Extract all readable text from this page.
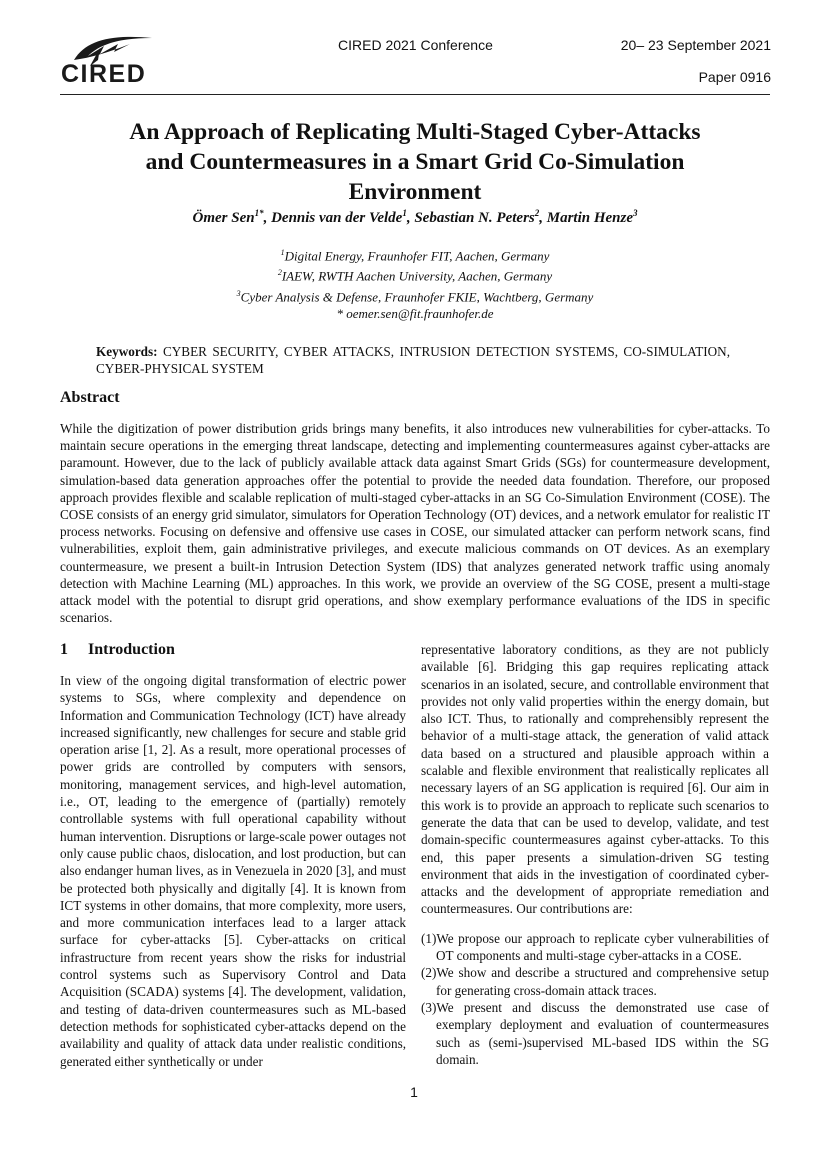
CIRED
CIRED 2021 Conference	20– 23 September 2021
Paper 0916
An Approach of Replicating Multi-Staged Cyber-Attacks
and Countermeasures in a Smart Grid Co-Simulation
Environment
Ömer Sen$^{1*}$, Dennis van der Velde$^1$, Sebastian N. Peters$^2$, Martin Henze$^3$
$^1$Digital Energy, Fraunhofer FIT, Aachen, Germany
$^2$IAEW, RWTH Aachen University, Aachen, Germany
$^3$Cyber Analysis & Defense, Fraunhofer FKIE, Wachtberg, Germany
* oemer.sen@fit.fraunhofer.de
Keywords: CYBER SECURITY, CYBER ATTACKS, INTRUSION DETECTION SYSTEMS, CO-SIMULATION, CYBER-PHYSICAL SYSTEM
Abstract
While the digitization of power distribution grids brings many benefits, it also introduces new vulnerabilities for cyber-attacks. To maintain secure operations in the emerging threat landscape, detecting and implementing countermeasures against cyber-attacks are paramount. However, due to the lack of publicly available attack data against Smart Grids (SGs) for countermeasure development, simulation-based data generation approaches offer the potential to provide the needed data foundation. Therefore, our proposed approach provides flexible and scalable replication of multi-staged cyber-attacks in an SG Co-Simulation Environment (COSE). The COSE consists of an energy grid simulator, simulators for Operation Technology (OT) devices, and a network emulator for realistic IT process networks. Focusing on defensive and offensive use cases in COSE, our simulated attacker can perform network scans, find vulnerabilities, exploit them, gain administrative privileges, and execute malicious commands on OT devices. As an exemplary countermeasure, we present a built-in Intrusion Detection System (IDS) that analyzes generated network traffic using anomaly detection with Machine Learning (ML) approaches. In this work, we provide an overview of the SG COSE, present a multi-stage attack model with the potential to disrupt grid operations, and show exemplary performance evaluations of the IDS in specific scenarios.
1 Introduction

In view of the ongoing digital transformation of electric power systems to SGs, where complexity and dependence on Information and Communication Technology (ICT) have already increased significantly, new challenges for secure and stable grid operation arise [1, 2]. As a result, more operational processes of power grids are controlled by computers with sensors, monitoring, management services, and high-level automation, i.e., OT, leading to the emergence of (partially) remotely controllable systems with full operational capability without human intervention. Disruptions or large-scale power outages not only cause public chaos, dislocation, and lost production, but can also endanger human lives, as in Venezuela in 2020 [3], and must be protected both physically and digitally [4]. It is known from ICT systems in other domains, that more complexity, more users, and more communication interfaces lead to a larger attack surface for cyber-attacks [5]. Cyber-attacks on critical infrastructure from recent years show the risks for industrial control systems such as Supervisory Control and Data Acquisition (SCADA) systems [4]. The development, validation, and testing of data-driven countermeasures such as ML-based detection methods for sophisticated cyber-attacks depend on the availability and quality of attack data under realistic conditions, generated either synthetically or under

representative laboratory conditions, as they are not publicly available [6]. Bridging this gap requires replicating attack scenarios in an isolated, secure, and controllable environment that provides not only valid properties within the energy domain, but also ICT. Thus, to rationally and comprehensibly represent the behavior of a multi-stage attack, the generation of valid attack data based on a structured and plausible approach within a scalable and flexible environment that realistically replicates all necessary layers of an SG application is required [6]. Our aim in this work is to provide an approach to replicate such scenarios to generate the data that can be used to develop, validate, and test domain-specific countermeasures against cyber-attacks. To this end, this paper presents a simulation-driven SG testing environment that aids in the investigation of coordinated cyber-attacks and the development of appropriate remediation and countermeasures. Our contributions are:

(1)We propose our approach to replicate cyber vulnerabilities of OT components and multi-stage cyber-attacks in a COSE.
(2)We show and describe a structured and comprehensive setup for generating cross-domain attack traces.
(3)We present and discuss the demonstrated use case of exemplary deployment and evaluation of countermeasures such as (semi-)supervised ML-based IDS within the SG domain.
1
